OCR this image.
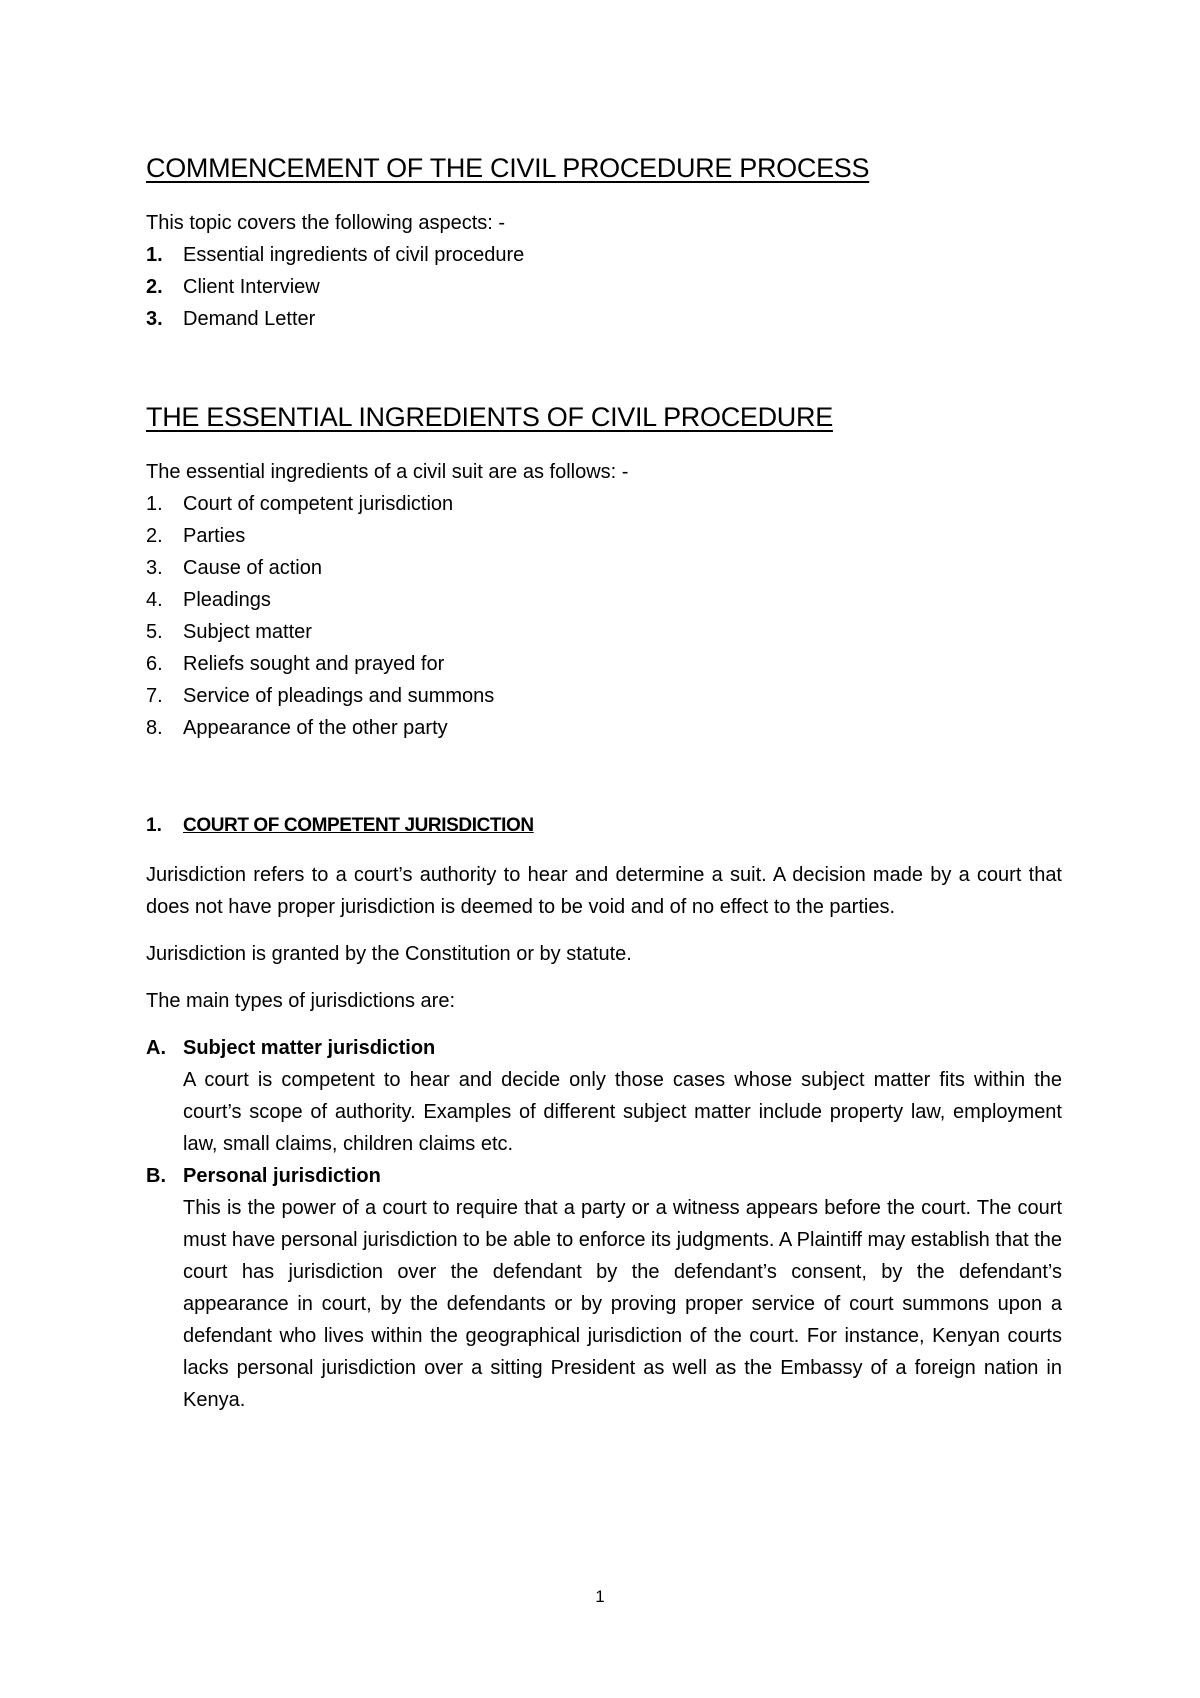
COMMENCEMENT OF THE CIVIL PROCEDURE PROCESS

This topic covers the following aspects: -

1.	Essential ingredients of civil procedure
2.	Client Interview
3.	Demand Letter
THE ESSENTIAL INGREDIENTS OF CIVIL PROCEDURE

The essential ingredients of a civil suit are as follows: -

1.	Court of competent jurisdiction
2.	Parties
3.	Cause of action
4.	Pleadings
5.	Subject matter
6.	Reliefs sought and prayed for
7.	Service of pleadings and summons
8.	Appearance of the other party
1.	COURT OF COMPETENT JURISDICTION

Jurisdiction refers to a court’s authority to hear and determine a suit. A decision made by a court that does not have proper jurisdiction is deemed to be void and of no effect to the parties.

Jurisdiction is granted by the Constitution or by statute.

The main types of jurisdictions are:

A. Subject matter jurisdiction
A court is competent to hear and decide only those cases whose subject matter fits within the court’s scope of authority. Examples of different subject matter include property law, employment law, small claims, children claims etc.
B. Personal jurisdiction
This is the power of a court to require that a party or a witness appears before the court. The court must have personal jurisdiction to be able to enforce its judgments. A Plaintiff may establish that the court has jurisdiction over the defendant by the defendant’s consent, by the defendant’s appearance in court, by the defendants or by proving proper service of court summons upon a defendant who lives within the geographical jurisdiction of the court. For instance, Kenyan courts lacks personal jurisdiction over a sitting President as well as the Embassy of a foreign nation in Kenya.
1
